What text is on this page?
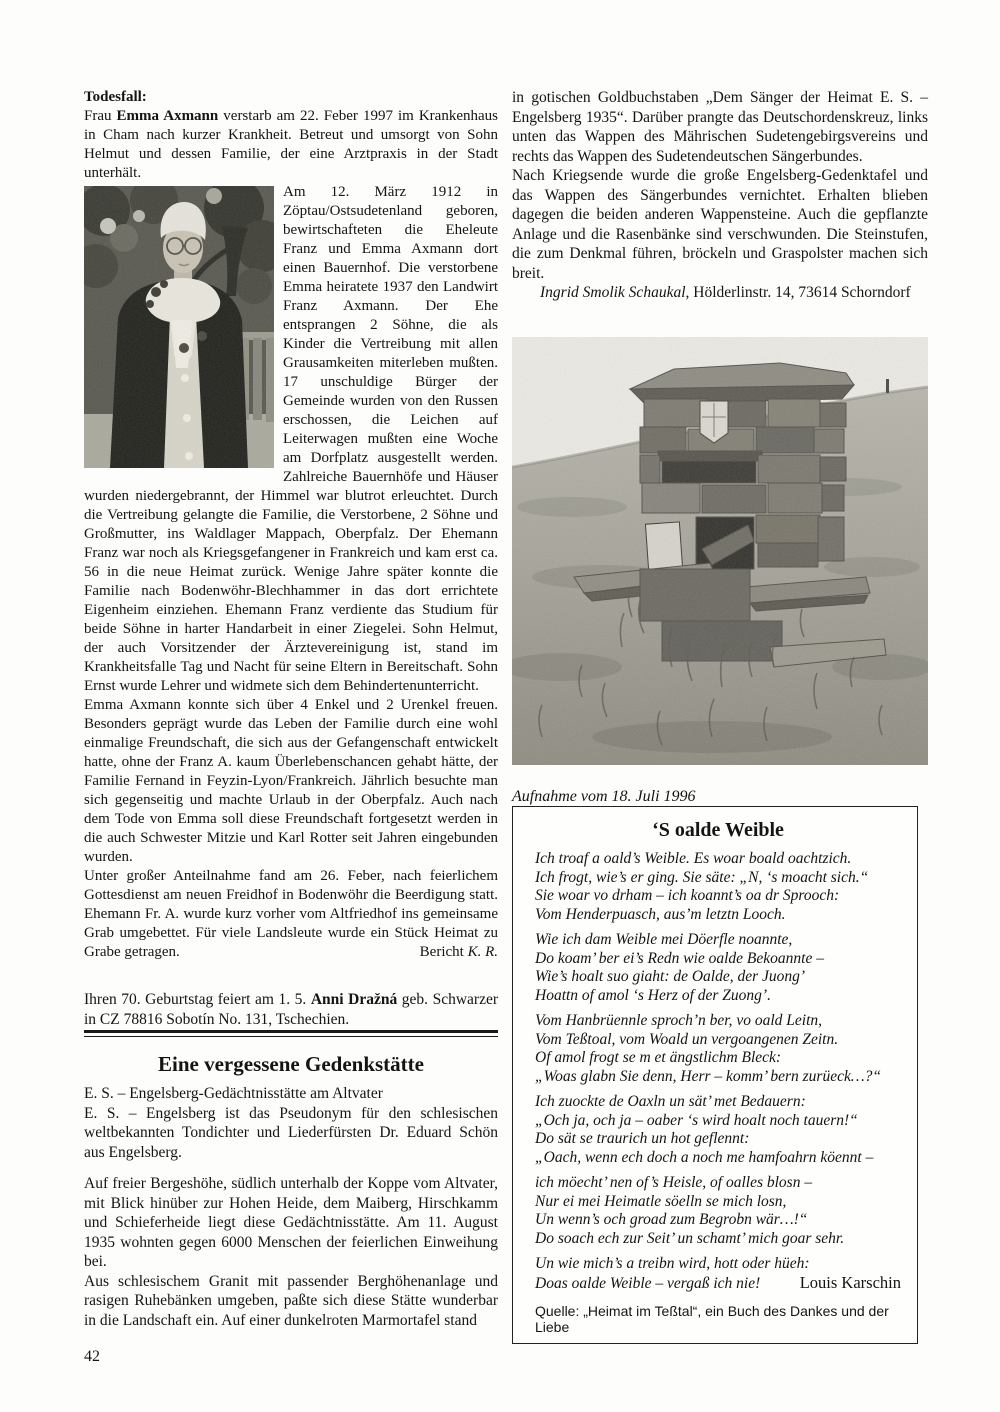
Todesfall:

Frau Emma Axmann verstarb am 22. Feber 1997 im Krankenhaus in Cham nach kurzer Krankheit. Betreut und umsorgt von Sohn Helmut und dessen Familie, der eine Arztpraxis in der Stadt unterhält.

Am 12. März 1912 in Zöptau/Ostsudetenland geboren, bewirtschafteten die Eheleute Franz und Emma Axmann dort einen Bauernhof. Die verstorbene Emma heiratete 1937 den Landwirt Franz Axmann. Der Ehe entsprangen 2 Söhne, die als Kinder die Vertreibung mit allen Grausamkeiten miterleben mußten. 17 unschuldige Bürger der Gemeinde wurden von den Russen erschossen, die Leichen auf Leiterwagen mußten eine Woche am Dorfplatz ausgestellt werden. Zahlreiche Bauernhöfe und Häuser wurden niedergebrannt, der Himmel war blutrot erleuchtet. Durch die Vertreibung gelangte die Familie, die Verstorbene, 2 Söhne und Großmutter, ins Waldlager Mappach, Oberpfalz. Der Ehemann Franz war noch als Kriegsgefangener in Frankreich und kam erst ca. 56 in die neue Heimat zurück. Wenige Jahre später konnte die Familie nach Bodenwöhr-Blechhammer in das dort errichtete Eigenheim einziehen. Ehemann Franz verdiente das Studium für beide Söhne in harter Handarbeit in einer Ziegelei. Sohn Helmut, der auch Vorsitzender der Ärztevereinigung ist, stand im Krankheitsfalle Tag und Nacht für seine Eltern in Bereitschaft. Sohn Ernst wurde Lehrer und widmete sich dem Behindertenunterricht.

Emma Axmann konnte sich über 4 Enkel und 2 Urenkel freuen. Besonders geprägt wurde das Leben der Familie durch eine wohl einmalige Freundschaft, die sich aus der Gefangenschaft entwickelt hatte, ohne der Franz A. kaum Überlebenschancen gehabt hätte, der Familie Fernand in Feyzin-Lyon/Frankreich. Jährlich besuchte man sich gegenseitig und machte Urlaub in der Oberpfalz. Auch nach dem Tode von Emma soll diese Freundschaft fortgesetzt werden in die auch Schwester Mitzie und Karl Rotter seit Jahren eingebunden wurden.

Unter großer Anteilnahme fand am 26. Feber, nach feierlichem Gottesdienst am neuen Freidhof in Bodenwöhr die Beerdigung statt. Ehemann Fr. A. wurde kurz vorher vom Altfriedhof ins gemeinsame Grab umgebettet. Für viele Landsleute wurde ein Stück Heimat zu Grabe getragen.	Bericht K. R.

Ihren 70. Geburtstag feiert am 1. 5. Anni Dražná geb. Schwarzer in CZ 78816 Sobotín No. 131, Tschechien.

Eine vergessene Gedenkstätte

E. S. – Engelsberg-Gedächtnisstätte am Altvater

E. S. – Engelsberg ist das Pseudonym für den schlesischen weltbekannten Tondichter und Liederfürsten Dr. Eduard Schön aus Engelsberg.

Auf freier Bergeshöhe, südlich unterhalb der Koppe vom Altvater, mit Blick hinüber zur Hohen Heide, dem Maiberg, Hirschkamm und Schieferheide liegt diese Gedächtnisstätte. Am 11. August 1935 wohnten gegen 6000 Menschen der feierlichen Einweihung bei.

Aus schlesischem Granit mit passender Berghöhenanlage und rasigen Ruhebänken umgeben, paßte sich diese Stätte wunderbar in die Landschaft ein. Auf einer dunkelroten Marmortafel stand

42

in gotischen Goldbuchstaben „Dem Sänger der Heimat E. S. – Engelsberg 1935“. Darüber prangte das Deutschordenskreuz, links unten das Wappen des Mährischen Sudetengebirgsvereins und rechts das Wappen des Sudetendeutschen Sängerbundes.

Nach Kriegsende wurde die große Engelsberg-Gedenktafel und das Wappen des Sängerbundes vernichtet. Erhalten blieben dagegen die beiden anderen Wappensteine. Auch die gepflanzte Anlage und die Rasenbänke sind verschwunden. Die Steinstufen, die zum Denkmal führen, bröckeln und Graspolster machen sich breit.

Ingrid Smolik Schaukal, Hölderlinstr. 14, 73614 Schorndorf

Aufnahme vom 18. Juli 1996

‘S oalde Weible
Ich troaf a oald’s Weible. Es woar boald oachtzich.
Ich frogt, wie’s er ging. Sie säte: „N, ‘s moacht sich.“
Sie woar vo drham – ich koannt’s oa dr Sprooch:
Vom Henderpuasch, aus’m letztn Looch.
Wie ich dam Weible mei Döerfle noannte,
Do koam’ ber ei’s Redn wie oalde Bekoannte –
Wie’s hoalt suo giaht: de Oalde, der Juong’
Hoattn of amol ‘s Herz of der Zuong’.
Vom Hanbrüennle sproch’n ber, vo oald Leitn,
Vom Teßtoal, vom Woald un vergoangenen Zeitn.
Of amol frogt se m et ängstlichm Bleck:
„Woas glabn Sie denn, Herr – komm’ bern zurüeck…?“
Ich zuockte de Oaxln un sät’ met Bedauern:
„Och ja, och ja – oaber ‘s wird hoalt noch tauern!“
Do sät se traurich un hot geflennt:
„Oach, wenn ech doch a noch me hamfoahrn köennt –
ich möecht’ nen of’s Heisle, of oalles blosn –
Nur ei mei Heimatle söelln se mich losn,
Un wenn’s och groad zum Begrobn wär…!“
Do soach ech zur Seit’ un schamt’ mich goar sehr.
Un wie mich’s a treibn wird, hott oder hüeh:
Doas oalde Weible – vergaß ich nie!	Louis Karschin
Quelle: „Heimat im Teßtal“, ein Buch des Dankes und der Liebe
